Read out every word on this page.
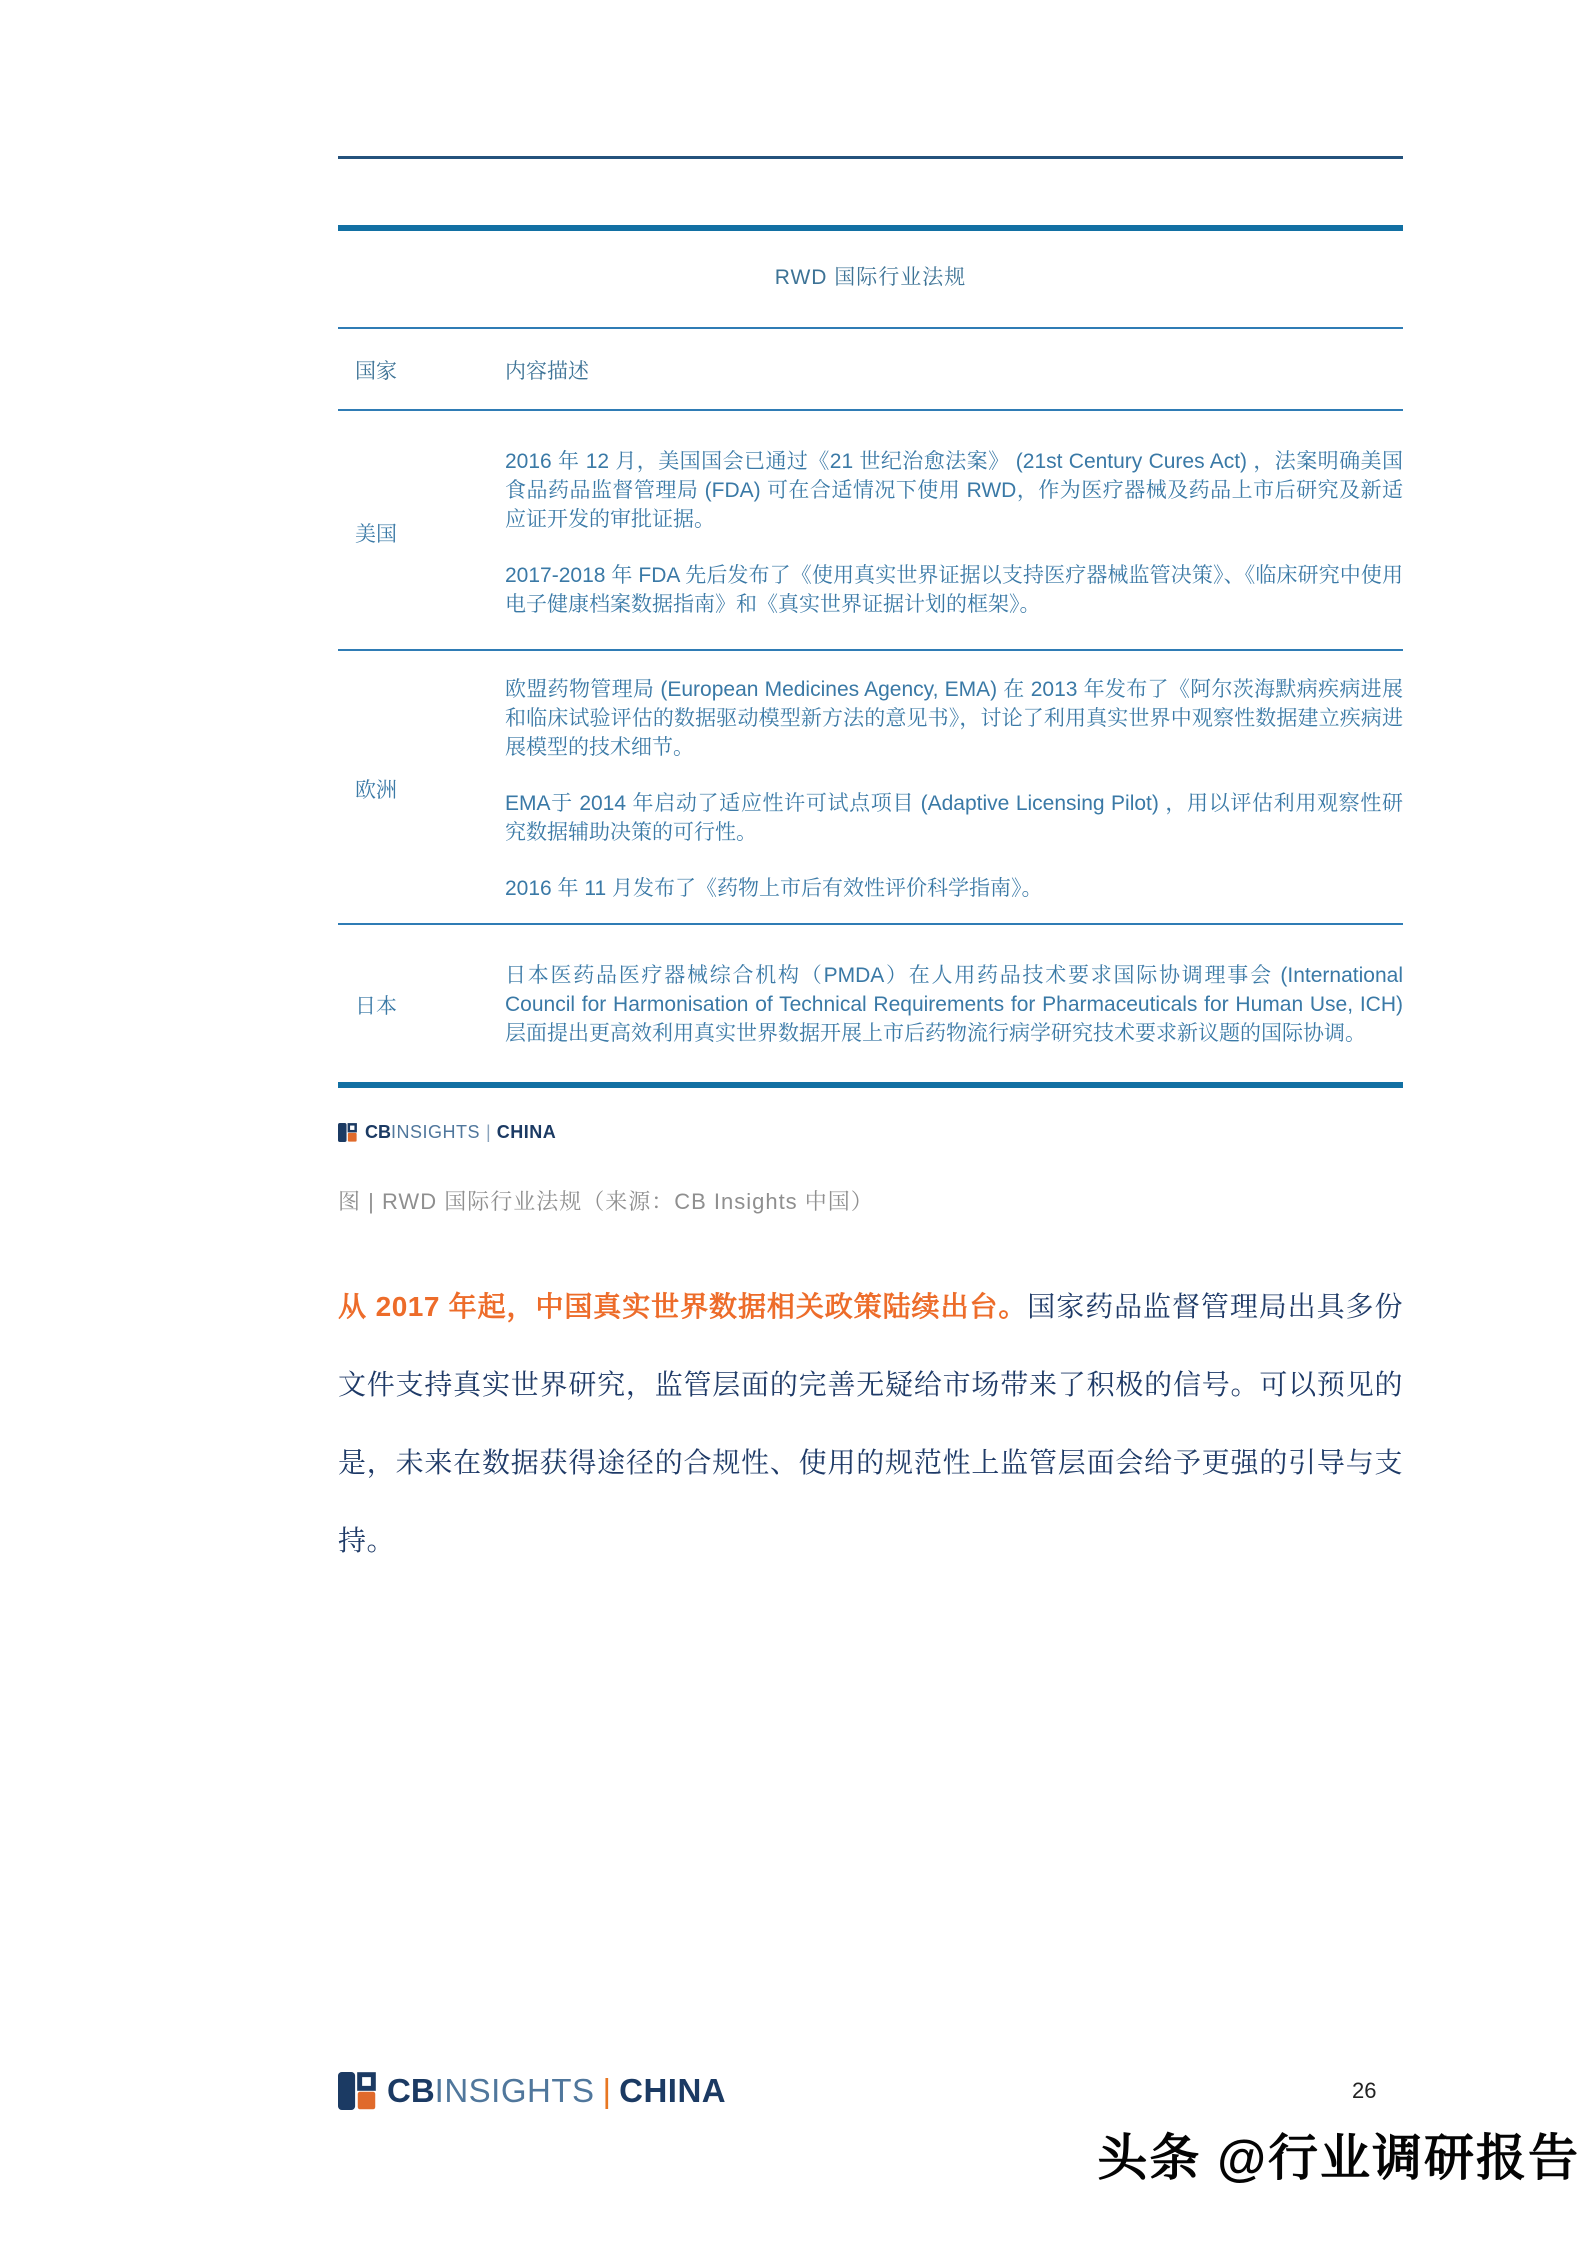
RWD 国际行业法规
国家	内容描述
美国

2016 年 12 月，美国国会已通过《21 世纪治愈法案》 (21st Century Cures Act) ，法案明确美国食品药品监督管理局 (FDA) 可在合适情况下使用 RWD，作为医疗器械及药品上市后研究及新适应证开发的审批证据。

2017-2018 年 FDA 先后发布了《使用真实世界证据以支持医疗器械监管决策》、《临床研究中使用电子健康档案数据指南》和《真实世界证据计划的框架》。

欧洲

欧盟药物管理局 (European Medicines Agency, EMA) 在 2013 年发布了《阿尔茨海默病疾病进展和临床试验评估的数据驱动模型新方法的意见书》，讨论了利用真实世界中观察性数据建立疾病进展模型的技术细节。

EMA于 2014 年启动了适应性许可试点项目 (Adaptive Licensing Pilot) ，用以评估利用观察性研究数据辅助决策的可行性。

2016 年 11 月发布了《药物上市后有效性评价科学指南》。

日本

日本医药品医疗器械综合机构（PMDA）在人用药品技术要求国际协调理事会 (International Council for Harmonisation of Technical Requirements for Pharmaceuticals for Human Use, ICH) 层面提出更高效利用真实世界数据开展上市后药物流行病学研究技术要求新议题的国际协调。

CBINSIGHTS | CHINA
图 | RWD 国际行业法规（来源：CB Insights 中国）

从 2017 年起，中国真实世界数据相关政策陆续出台。国家药品监督管理局出具多份文件支持真实世界研究，监管层面的完善无疑给市场带来了积极的信号。可以预见的是，未来在数据获得途径的合规性、使用的规范性上监管层面会给予更强的引导与支持。

CBINSIGHTS | CHINA	26
头条 @行业调研报告
